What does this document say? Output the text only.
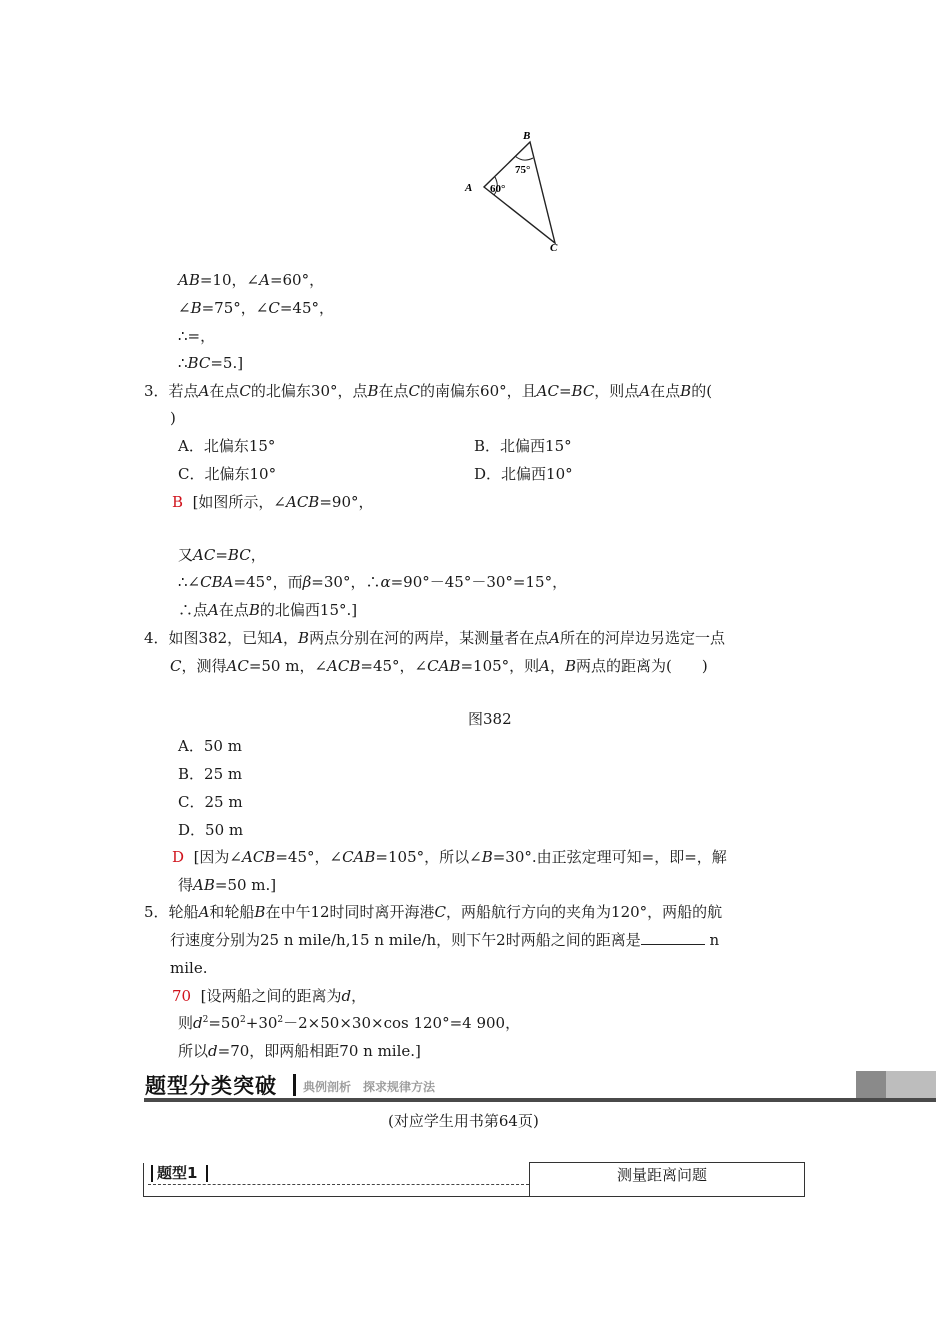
B
A
C
75°
60°
AB=10，∠A=60°，
∠B=75°，∠C=45°，
∴=，
∴BC=5.]
3．若点A在点C的北偏东30°，点B在点C的南偏东60°，且AC=BC，则点A在点B的(
)
A．北偏东15°	B．北偏西15°
C．北偏东10°	D．北偏西10°
B [如图所示，∠ACB=90°，
又AC=BC，
∴∠CBA=45°，而β=30°，∴α=90°－45°－30°=15°，
∴点A在点B的北偏西15°.]
4．如图382，已知A，B两点分别在河的两岸，某测量者在点A所在的河岸边另选定一点
C，测得AC=50 m，∠ACB=45°，∠CAB=105°，则A，B两点的距离为(　　)
图382
A．50 m
B．25 m
C．25 m
D．50 m
D [因为∠ACB=45°，∠CAB=105°，所以∠B=30°.由正弦定理可知=，即=，解
得AB=50 m.]
5．轮船A和轮船B在中午12时同时离开海港C，两船航行方向的夹角为120°，两船的航
行速度分别为25 n mile/h,15 n mile/h，则下午2时两船之间的距离是	n
mile.
70 [设两船之间的距离为d，
则$d^2=50^2+30^2-2\times 50\times 30\times\cos$ 120°=4 900，
所以d=70，即两船相距70 n mile.]
题型分类突破 典例剖析　探求规律方法
(对应学生用书第64页)
题型1	测量距离问题
